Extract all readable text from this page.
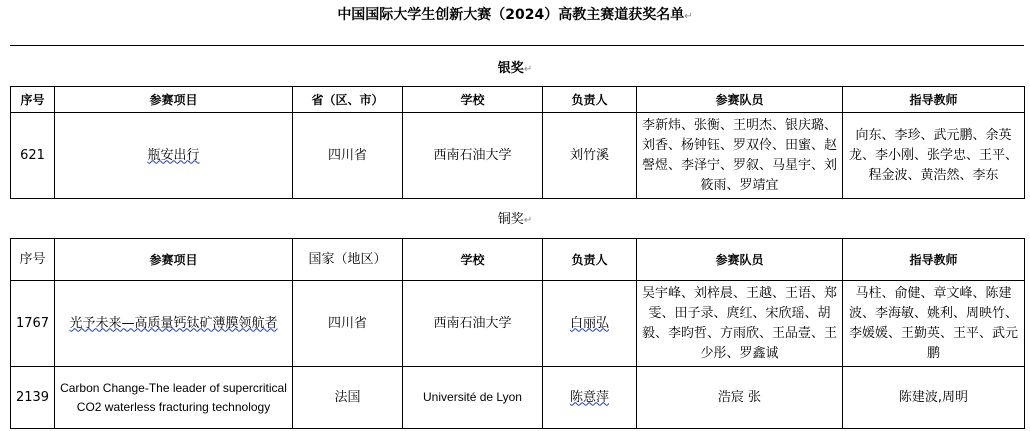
中国国际大学生创新大赛（2024）高教主赛道获奖名单↵
银奖↵
序号	参赛项目	省（区、市）	学校	负责人	参赛队员	指导教师
621	瓶安出行	四川省	西南石油大学	刘竹溪	李新炜、张衡、王明杰、银庆璐、刘香、杨钟钰、罗双伶、田蜜、赵謦煜、李泽宁、罗叙、马星宇、刘筱雨、罗靖宜	向东、李珍、武元鹏、余英龙、李小刚、张学忠、王平、程金波、黄浩然、李东
铜奖↵
序号	参赛项目	国家（地区）	学校	负责人	参赛队员	指导教师
1767	光予未来—高质量钙钛矿薄膜领航者	四川省	西南石油大学	白丽弘	吴宇峰、刘梓晨、王越、王语、郑雯、田子录、庹红、宋欣瑶、胡毅、李昀哲、方雨欣、王品壹、王少彤、罗鑫诚	马柱、俞健、章文峰、陈建波、李海敏、姚利、周映竹、李媛媛、王勤英、王平、武元鹏
2139	Carbon Change-The leader of supercritical CO2 waterless fracturing technology	法国	Université de Lyon	陈意萍	浩宸 张	陈建波,周明
